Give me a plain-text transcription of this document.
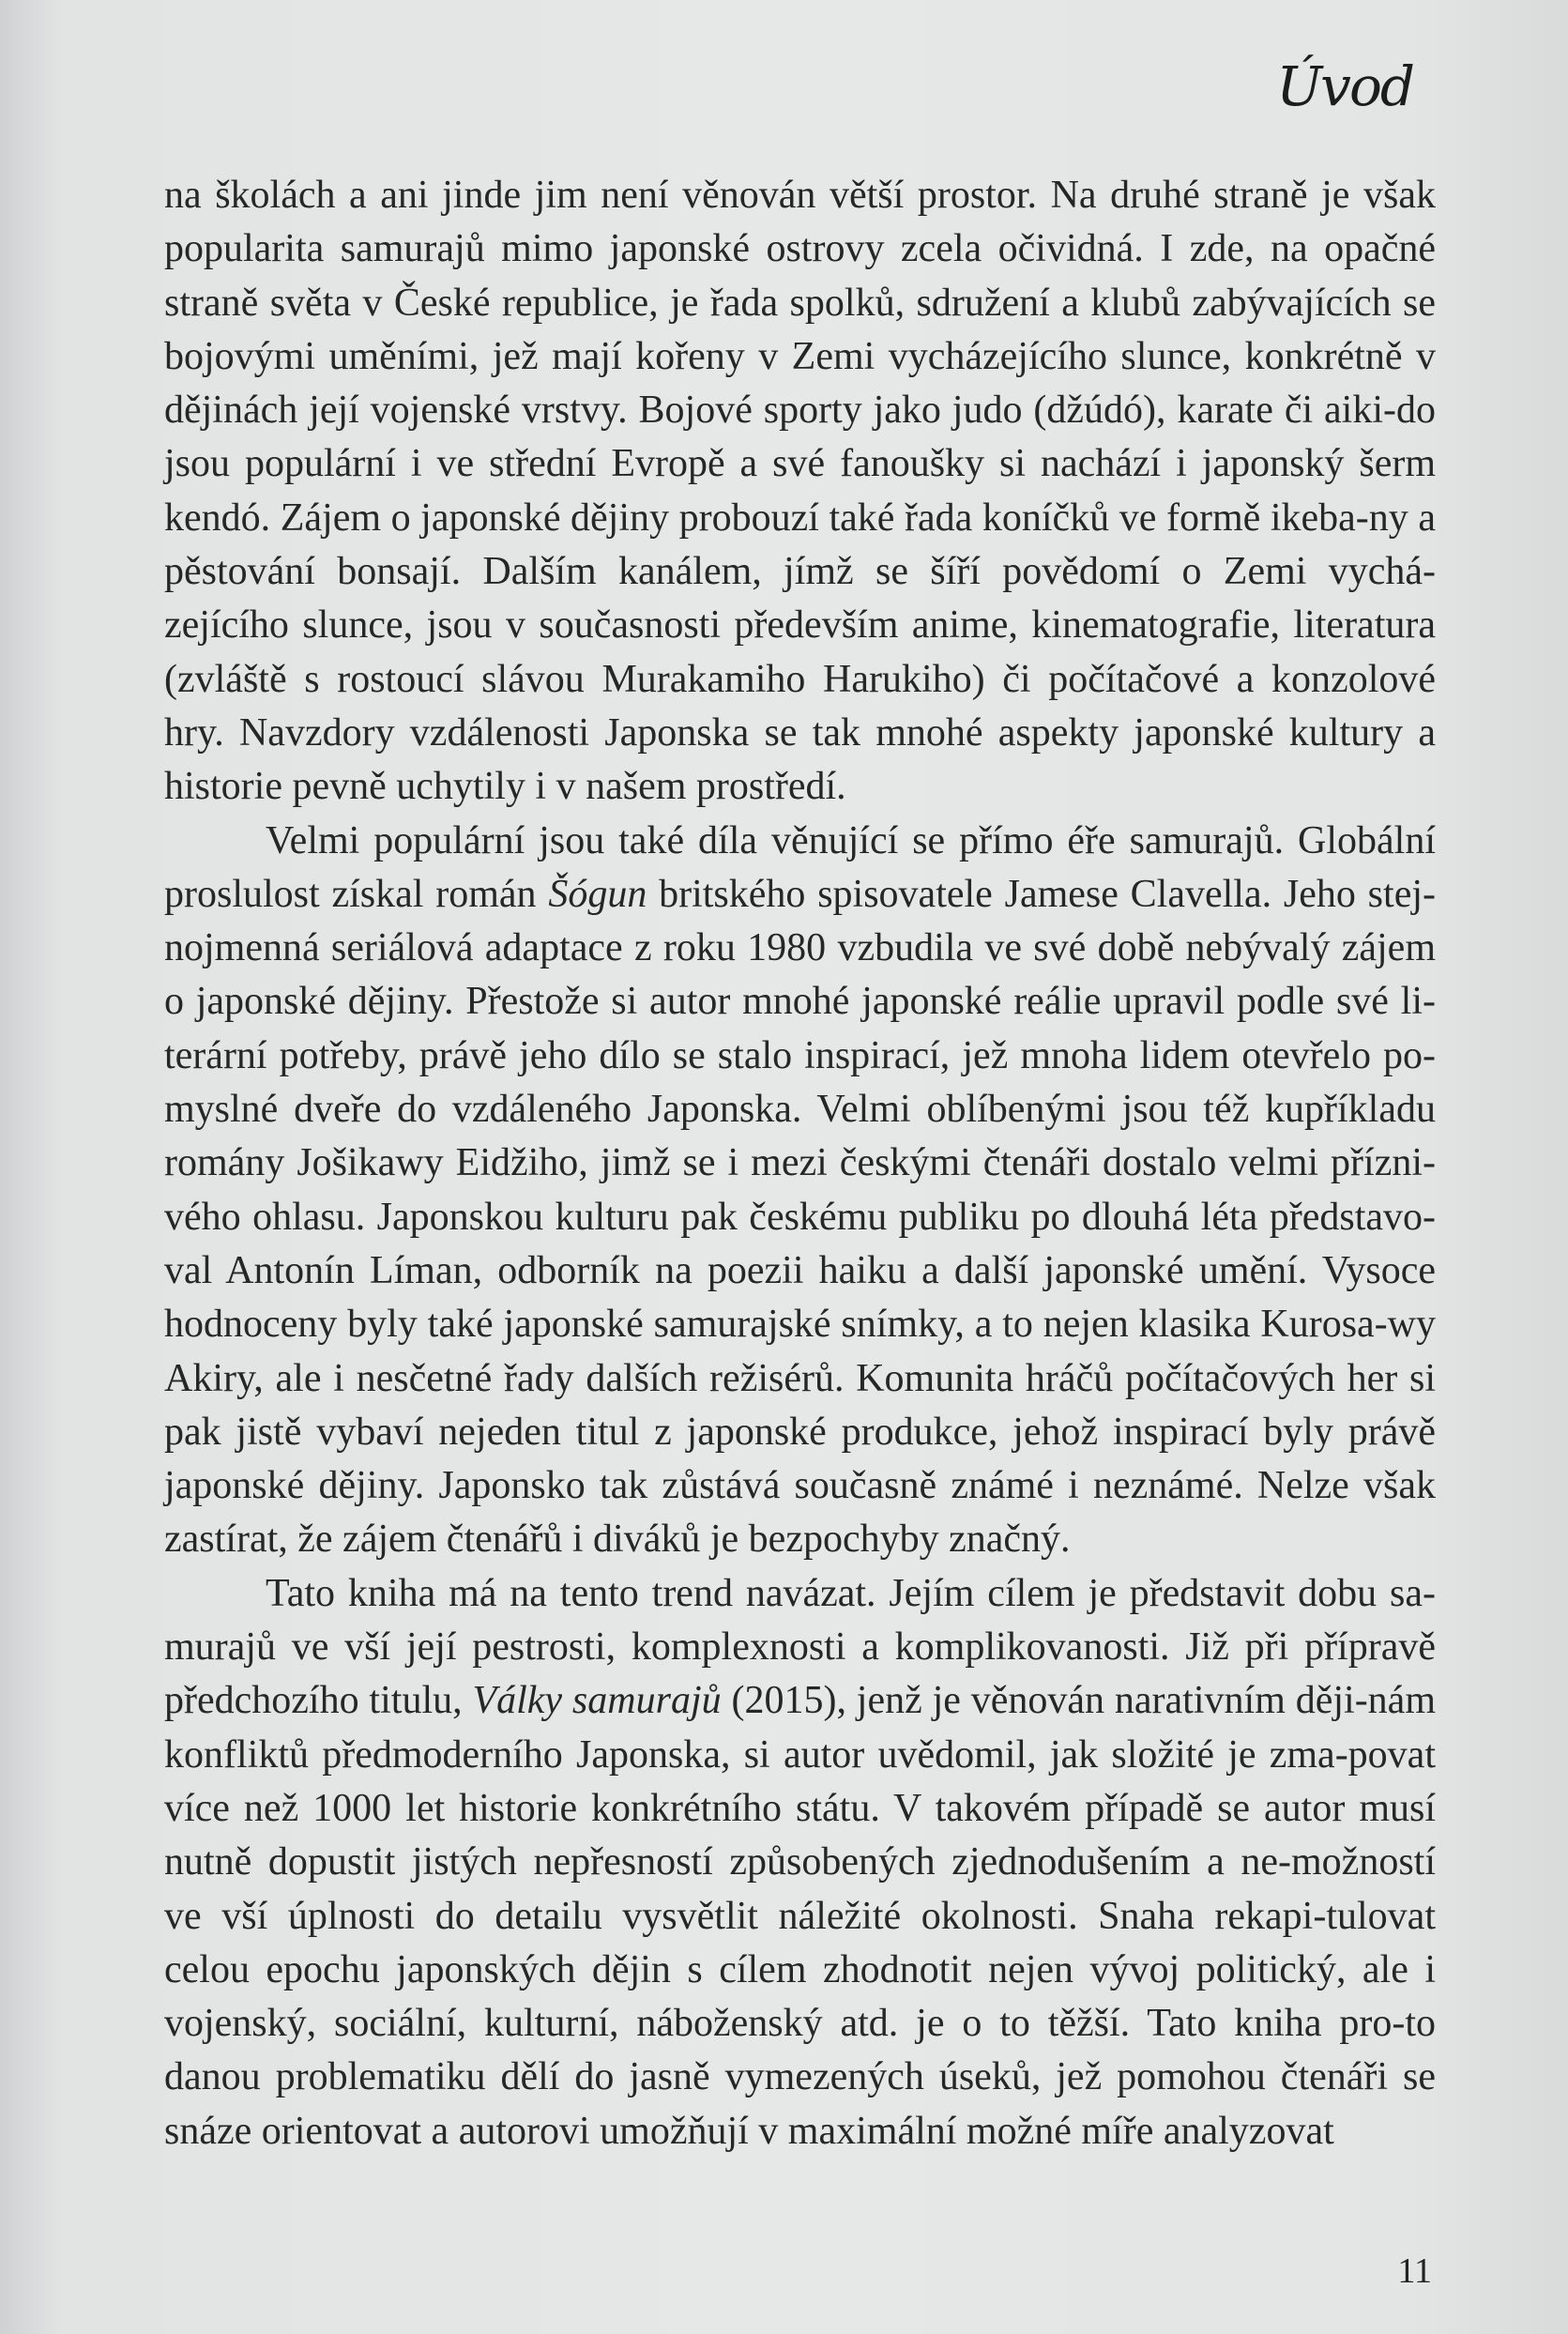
Úvod

na školách a ani jinde jim není věnován větší prostor. Na druhé straně je však popularita samurajů mimo japonské ostrovy zcela očividná. I zde, na opačné straně světa v České republice, je řada spolků, sdružení a klubů zabývajících se bojovými uměními, jež mají kořeny v Zemi vycházejícího slunce, konkrétně v dějinách její vojenské vrstvy. Bojové sporty jako judo (džúdó), karate či aiki-do jsou populární i ve střední Evropě a své fanoušky si nachází i japonský šerm kendó. Zájem o japonské dějiny probouzí také řada koníčků ve formě ikeba-ny a pěstování bonsají. Dalším kanálem, jímž se šíří povědomí o Zemi vychá-zejícího slunce, jsou v současnosti především anime, kinematografie, literatura (zvláště s rostoucí slávou Murakamiho Harukiho) či počítačové a konzolové hry. Navzdory vzdálenosti Japonska se tak mnohé aspekty japonské kultury a historie pevně uchytily i v našem prostředí.

Velmi populární jsou také díla věnující se přímo éře samurajů. Globální proslulost získal román Šógun britského spisovatele Jamese Clavella. Jeho stej-nojmenná seriálová adaptace z roku 1980 vzbudila ve své době nebývalý zájem o japonské dějiny. Přestože si autor mnohé japonské reálie upravil podle své li-terární potřeby, právě jeho dílo se stalo inspirací, jež mnoha lidem otevřelo po-myslné dveře do vzdáleného Japonska. Velmi oblíbenými jsou též kupříkladu romány Jošikawy Eidžiho, jimž se i mezi českými čtenáři dostalo velmi přízni-vého ohlasu. Japonskou kulturu pak českému publiku po dlouhá léta představo-val Antonín Líman, odborník na poezii haiku a další japonské umění. Vysoce hodnoceny byly také japonské samurajské snímky, a to nejen klasika Kurosa-wy Akiry, ale i nesčetné řady dalších režisérů. Komunita hráčů počítačových her si pak jistě vybaví nejeden titul z japonské produkce, jehož inspirací byly právě japonské dějiny. Japonsko tak zůstává současně známé i neznámé. Nelze však zastírat, že zájem čtenářů i diváků je bezpochyby značný.

Tato kniha má na tento trend navázat. Jejím cílem je představit dobu sa-murajů ve vší její pestrosti, komplexnosti a komplikovanosti. Již při přípravě předchozího titulu, Války samurajů (2015), jenž je věnován narativním ději-nám konfliktů předmoderního Japonska, si autor uvědomil, jak složité je zma-povat více než 1000 let historie konkrétního státu. V takovém případě se autor musí nutně dopustit jistých nepřesností způsobených zjednodušením a ne-možností ve vší úplnosti do detailu vysvětlit náležité okolnosti. Snaha rekapi-tulovat celou epochu japonských dějin s cílem zhodnotit nejen vývoj politický, ale i vojenský, sociální, kulturní, náboženský atd. je o to těžší. Tato kniha pro-to danou problematiku dělí do jasně vymezených úseků, jež pomohou čtenáři se snáze orientovat a autorovi umožňují v maximální možné míře analyzovat

11
